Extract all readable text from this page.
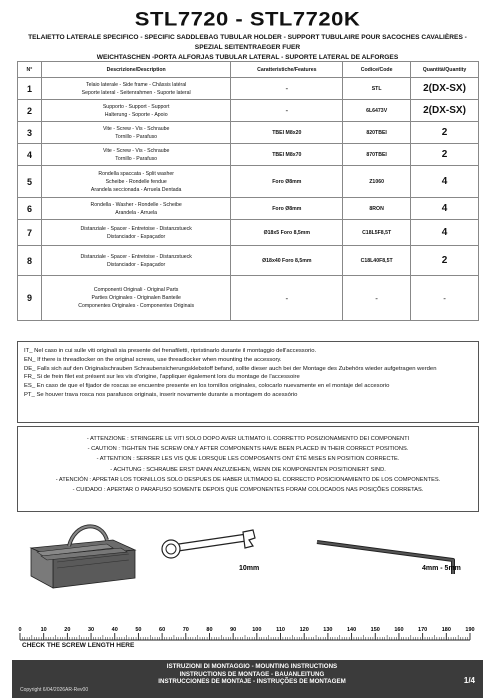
STL7720 - STL7720K
TELAIETTO LATERALE SPECIFICO - SPECIFIC SADDLEBAG TUBULAR HOLDER - SUPPORT TUBULAIRE POUR SACOCHES CAVALIÈRES - SPEZIAL SEITENTRAEGER FUER
WEICHTASCHEN -PORTA ALFORJAS TUBULAR LATERAL - SUPORTE LATERAL DE ALFORGES
N°	Descrizione/Description	Caratteristiche/Features	Codice/Code	Quantità/Quantity
1	Telaio laterale - Side frame - Châssis latéral
Seporte lateral - Seitenrahmen - Suporte lateral	-	STL	2(DX-SX)
2	Supporto - Support - Support
Halterung - Soporte - Apoio	-	6L6473V	2(DX-SX)
3	Vite - Screw - Vis - Schraube
Tornillo - Parafuso	TBEI M8x20	820TBEI	2
4	Vite - Screw - Vis - Schraube
Tornillo - Parafuso	TBEI M8x70	870TBEI	2
5	Rondella spaccata - Split washer
Scheibe - Rondelle fendue
Arandela seccionada - Arruela Dentada	Foro Ø8mm	Z1060	4
6	Rondella - Washer - Rondelle - Scheibe
Arandela - Arruela	Foro Ø8mm	8RON	4
7	Distanziale - Spacer - Entretoise - Distanzstueck
Distanciador - Espaçador	Ø18x5 Foro 8,5mm	C18L5F8,5T	4
8	Distanziale - Spacer - Entretoise - Distanzstueck
Distanciador - Espaçador	Ø18x40 Foro 8,5mm	C18L40F8,5T	2
9	Componenti Originali - Original Parts
Parties Originales - Originalen Banteile
Componentes Originales - Componentes Originais	-	-	-
IT_ Nel caso in cui sulle viti originali sia presente del frenafiletti, ripristinarlo durante il montaggio dell'accessorio.
EN_ If there is threadlocker on the original screws, use threadlocker when mounting the accessory.
DE_ Falls sich auf den Originalschrauben Schraubensicherungsklebstoff befand, sollte dieser auch bei der Montage des Zubehörs wieder aufgetragen werden
FR_ Si de frein filet est présent sur les vis d'origine, l'appliquer également lors du montage de l'accessoire
ES_ En caso de que el fijador de roscas se encuentre presente en los tornillos originales, colocarlo nuevamente en el montaje del accesorio
PT_ Se houver trava rosca nos parafusos originais, inserir novamente durante a montagem do acessório
- ATTENZIONE : STRINGERE LE VITI SOLO DOPO AVER ULTIMATO IL CORRETTO POSIZIONAMENTO DEI COMPONENTI
- CAUTION : TIGHTEN THE SCREW ONLY AFTER COMPONENTS HAVE BEEN PLACED IN THEIR CORRECT POSITIONS.
- ATTENTION : SERRER LES VIS QUE LORSQUE LES COMPOSANTS ONT ÉTÉ MISES EN POSITION CORRECTE.
- ACHTUNG : SCHRAUBE ERST DANN ANZUZIEHEN, WENN DIE KOMPONENTEN POSITIONIERT SIND.
- ATENCIÓN : APRETAR LOS TORNILLOS SOLO DESPUES DE HABER ULTIMADO EL CORRECTO POSICIONAMIENTO DE LOS COMPONENTES.
- CUIDADO : APERTAR O PARAFUSO SOMENTE DEPOIS QUE COMPONENTES FORAM COLOCADOS NAS POSIÇÕES CORRETAS.
10mm	4mm - 5mm
0	10	20	30	40	50	60	70	80	90	100	110	120	130	140	150	160	170	180	190
CHECK THE SCREW LENGTH HERE
Copyright 6/04/2026AR-Rev00
ISTRUZIONI DI MONTAGGIO - MOUNTING INSTRUCTIONS
INSTRUCTIONS DE MONTAGE - BAUANLEITUNG
INSTRUCCIONES DE MONTAJE - INSTRUÇÕES DE MONTAGEM	1/4
